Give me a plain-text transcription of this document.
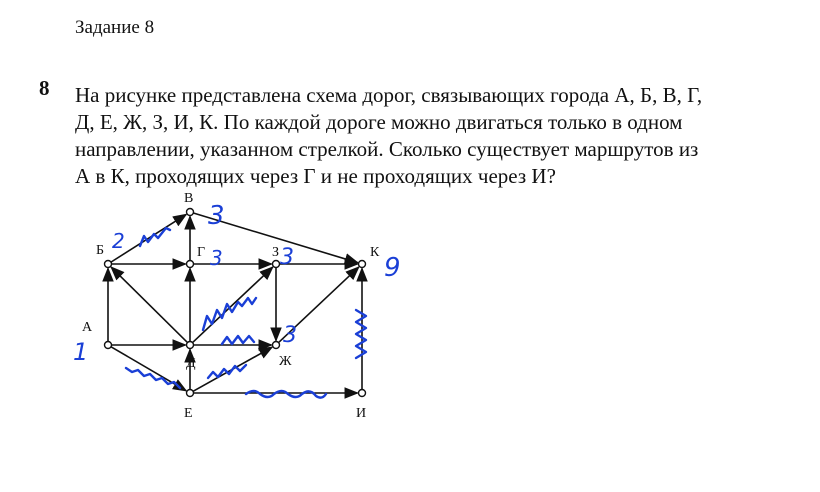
Задание 8
8 На рисунке представлена схема дорог, связывающих города А, Б, В, Г,
Д, Е, Ж, З, И, К. По каждой дороге можно двигаться только в одном
направлении, указанном стрелкой. Сколько существует маршрутов из
А в К, проходящих через Г и не проходящих через И?
А
Б
В
Г
Д
З
Ж
К
Е	И
1
2
3
3	3
3
9
